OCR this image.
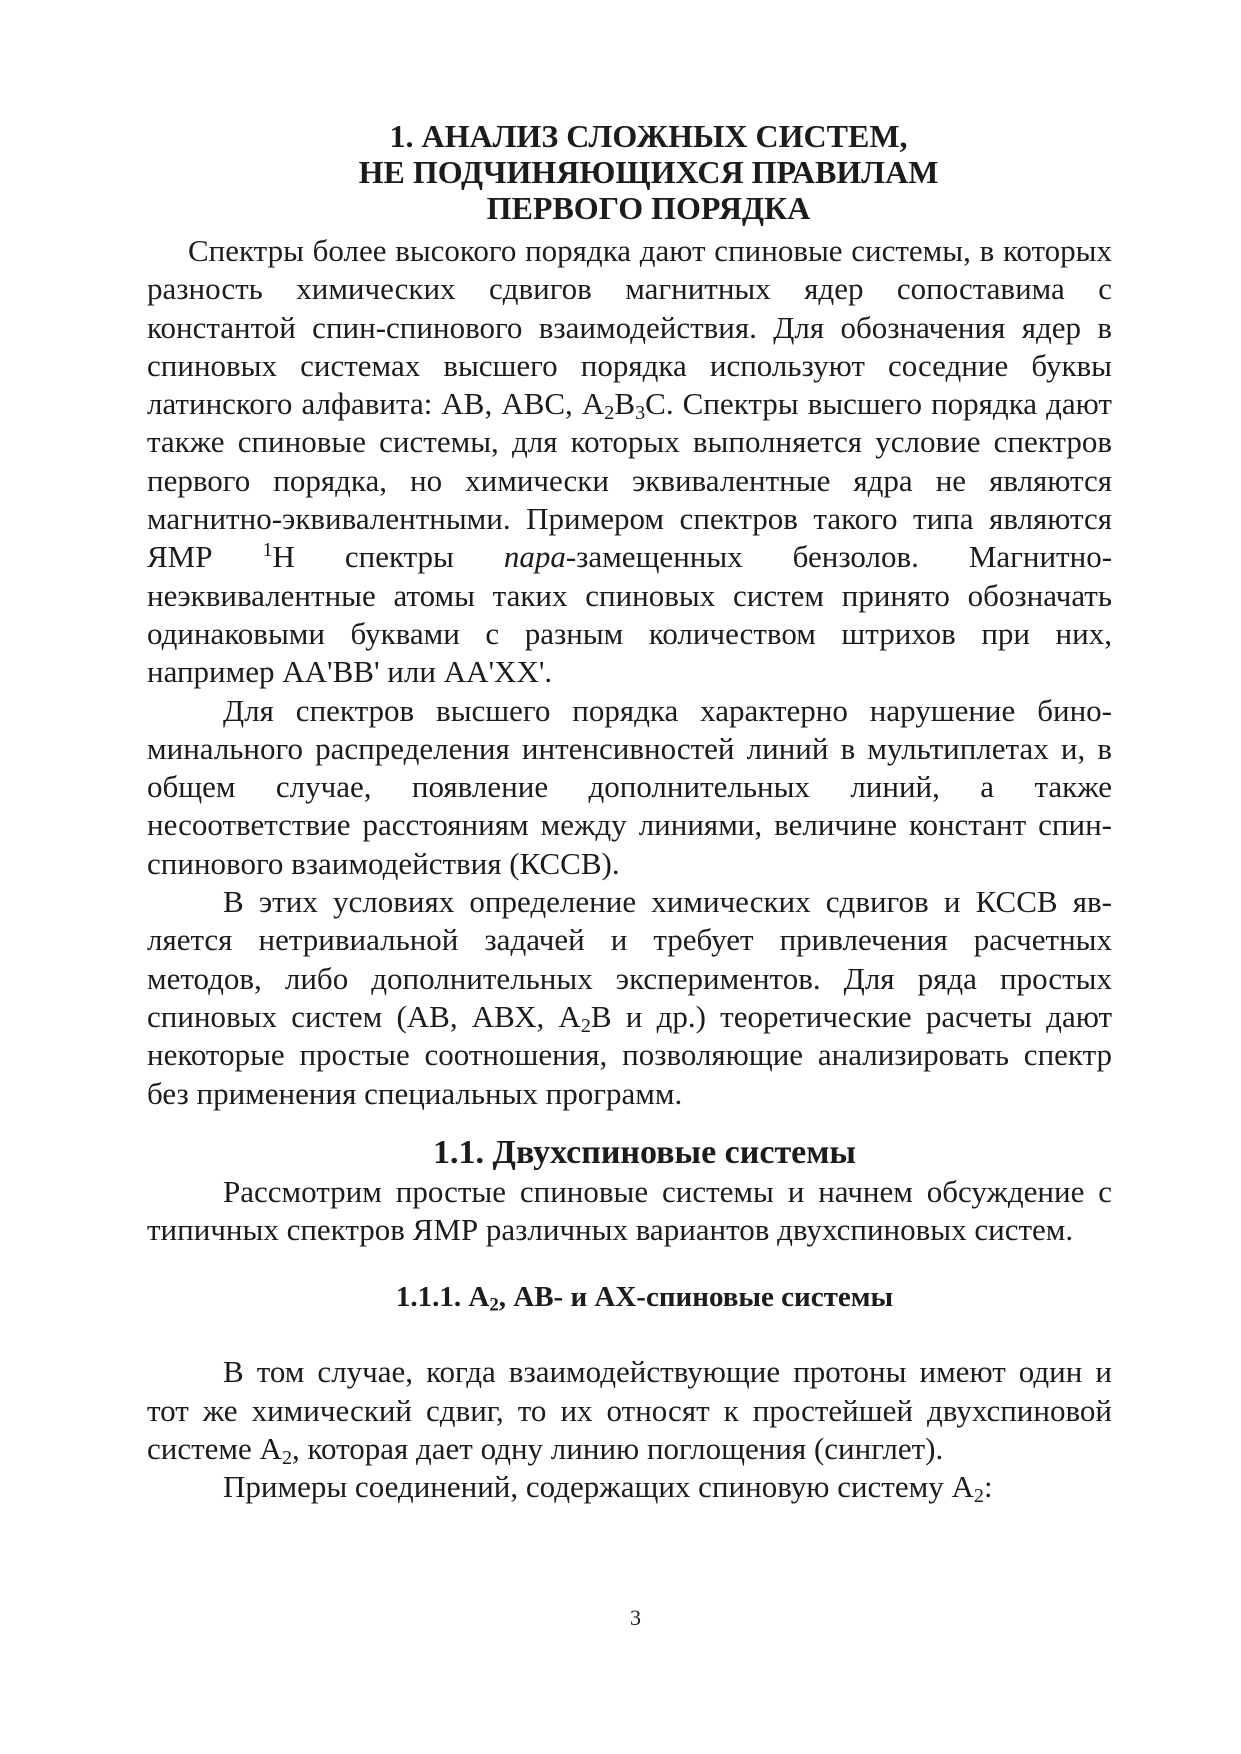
1. АНАЛИЗ СЛОЖНЫХ СИСТЕМ,
НЕ ПОДЧИНЯЮЩИХСЯ ПРАВИЛАМ
ПЕРВОГО ПОРЯДКА

Спектры более высокого порядка дают спиновые системы, в которых разность химических сдвигов магнитных ядер сопоставима с константой спин-спинового взаимодействия. Для обозначения ядер в спиновых системах высшего порядка используют соседние буквы латинского алфавита: АВ, АВС, $А_2В_3С$. Спектры высшего порядка дают также спиновые системы, для которых выполняется условие спектров первого порядка, но химически эквивалентные ядра не являются магнитно-эквивалентными. Примером спектров такого типа являются ЯМР $^1$Н спектры пара-замещенных бензолов. Магнитно-неэквивалентные атомы таких спиновых систем принято обозначать одинаковыми буквами с разным количеством штрихов при них, например АА'ВВ' или АА'ХХ'.

Для спектров высшего порядка характерно нарушение биноминального распределения интенсивностей линий в мультиплетах и, в общем случае, появление дополнительных линий, а также несоответствие расстояниям между линиями, величине констант спин-спинового взаимодействия (КССВ).

В этих условиях определение химических сдвигов и КССВ является нетривиальной задачей и требует привлечения расчетных методов, либо дополнительных экспериментов. Для ряда простых спиновых систем (АВ, АВХ, $А_2В$ и др.) теоретические расчеты дают некоторые простые соотношения, позволяющие анализировать спектр без применения специальных программ.

1.1. Двухспиновые системы

Рассмотрим простые спиновые системы и начнем обсуждение с типичных спектров ЯМР различных вариантов двухспиновых систем.

1.1.1. $А_2$, АВ- и АХ-спиновые системы

В том случае, когда взаимодействующие протоны имеют один и тот же химический сдвиг, то их относят к простейшей двухспиновой системе $А_2$, которая дает одну линию поглощения (синглет).

Примеры соединений, содержащих спиновую систему $А_2$:

3
